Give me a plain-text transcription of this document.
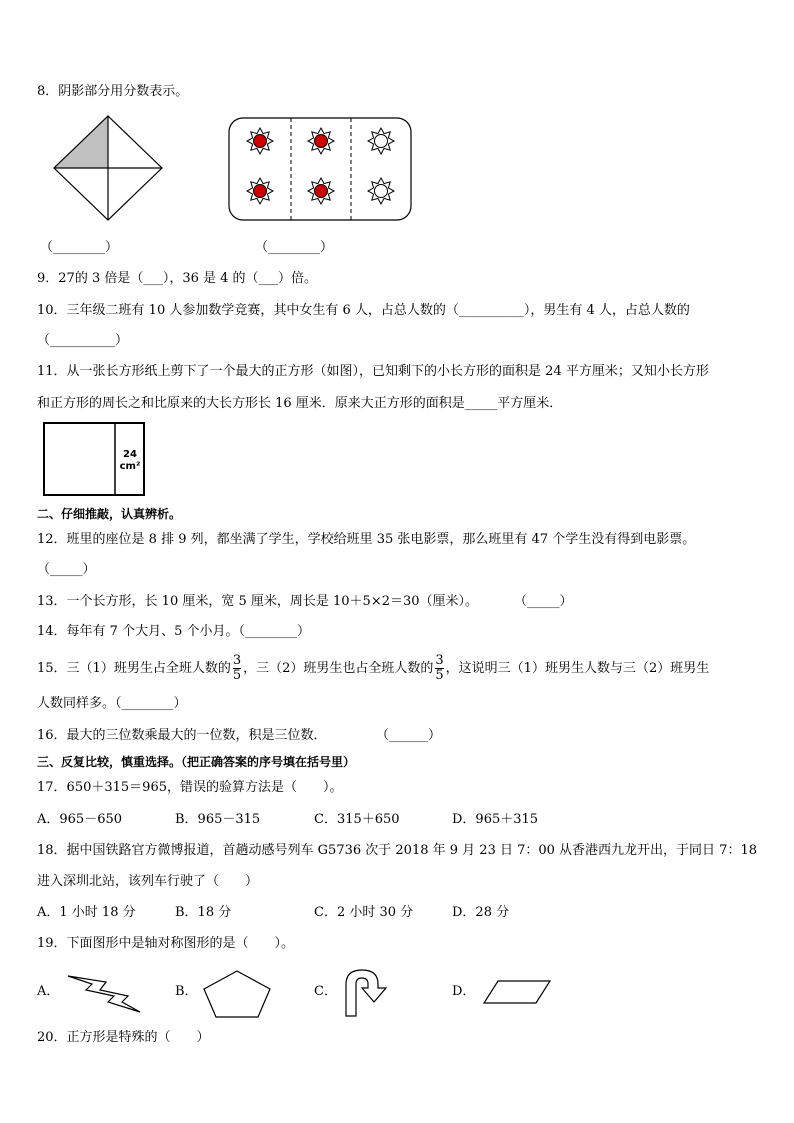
8．阴影部分用分数表示。
（________）	（________）
9．27的 3 倍是（___），36 是 4 的（___）倍。
10．三年级二班有 10 人参加数学竞赛，其中女生有 6 人，占总人数的（__________），男生有 4 人，占总人数的
（__________）
11．从一张长方形纸上剪下了一个最大的正方形（如图），已知剩下的小长方形的面积是 24 平方厘米；又知小长方形
和正方形的周长之和比原来的大长方形长 16 厘米．原来大正方形的面积是_____平方厘米．
24
cm²
二、仔细推敲，认真辨析。
12．班里的座位是 8 排 9 列，都坐满了学生，学校给班里 35 张电影票，那么班里有 47 个学生没有得到电影票。
（_____）
13．一个长方形，长 10 厘米，宽 5 厘米，周长是 10＋5×2＝30（厘米）。	（_____）
14．每年有 7 个大月、5 个小月。（________）
15．三（1）班男生占全班人数的 $\frac{3}{5}$ ，三（2）班男生也占全班人数的 $\frac{3}{5}$ ，这说明三（1）班男生人数与三（2）班男生
人数同样多。（________）
16．最大的三位数乘最大的一位数，积是三位数．	（______）
三、反复比较，慎重选择。（把正确答案的序号填在括号里）
17．650＋315＝965，错误的验算方法是（　　）。
A．965－650	B．965－315	C．315＋650	D．965＋315
18．据中国铁路官方微博报道，首趟动感号列车 G5736 次于 2018 年 9 月 23 日 7：00 从香港西九龙开出，于同日 7：18
进入深圳北站，该列车行驶了（　　）
A．1 小时 18 分	B．18 分	C．2 小时 30 分	D．28 分
19．下面图形中是轴对称图形的是（　　）。
A．	B．	C．	D．
20．正方形是特殊的（　　）
